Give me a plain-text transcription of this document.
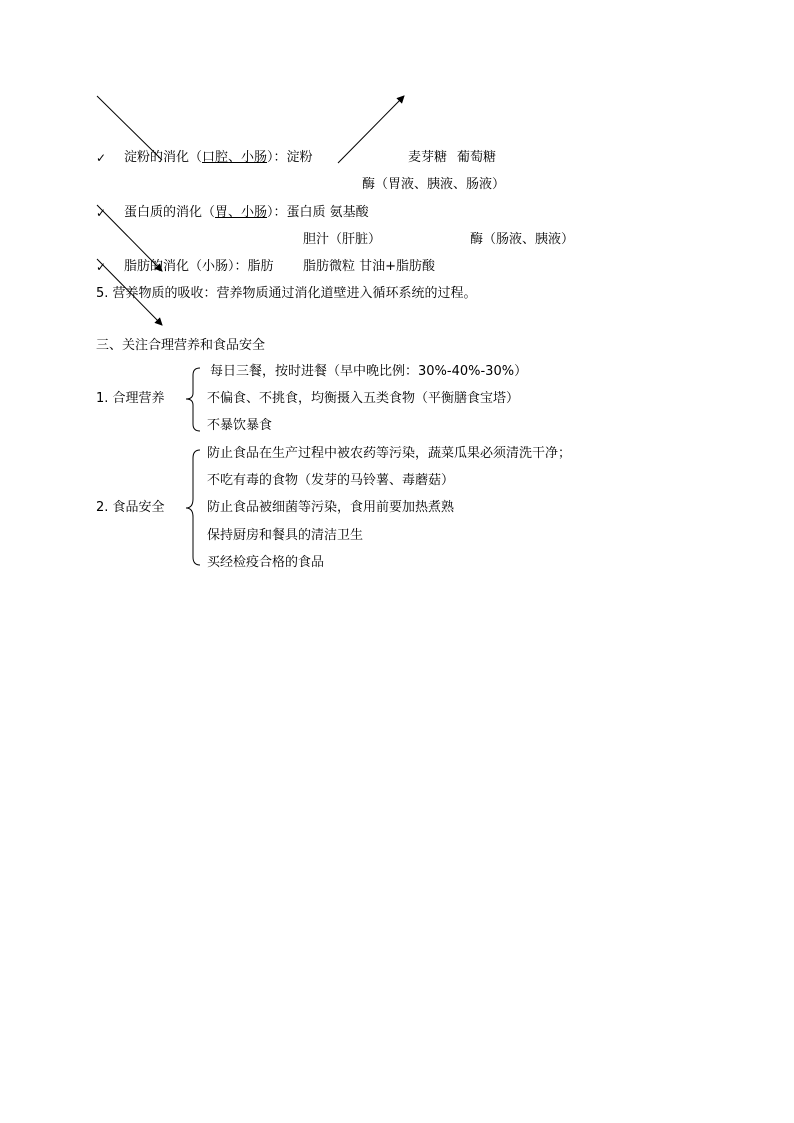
✓ 淀粉的消化（口腔、小肠）：淀粉	麦芽糖 葡萄糖
酶（胃液、胰液、肠液）
✓ 蛋白质的消化（胃、小肠）：蛋白质 氨基酸
胆汁（肝脏）	酶（肠液、胰液）
✓ 脂肪的消化（小肠）：脂肪 脂肪微粒 甘油+脂肪酸
5. 营养物质的吸收：营养物质通过消化道壁进入循环系统的过程。
三、关注合理营养和食品安全
1. 合理营养
每日三餐，按时进餐（早中晚比例：30%-40%-30%）
不偏食、不挑食，均衡摄入五类食物（平衡膳食宝塔）
不暴饮暴食
2. 食品安全
防止食品在生产过程中被农药等污染，蔬菜瓜果必须清洗干净；
不吃有毒的食物（发芽的马铃薯、毒蘑菇）
防止食品被细菌等污染，食用前要加热煮熟
保持厨房和餐具的清洁卫生
买经检疫合格的食品
